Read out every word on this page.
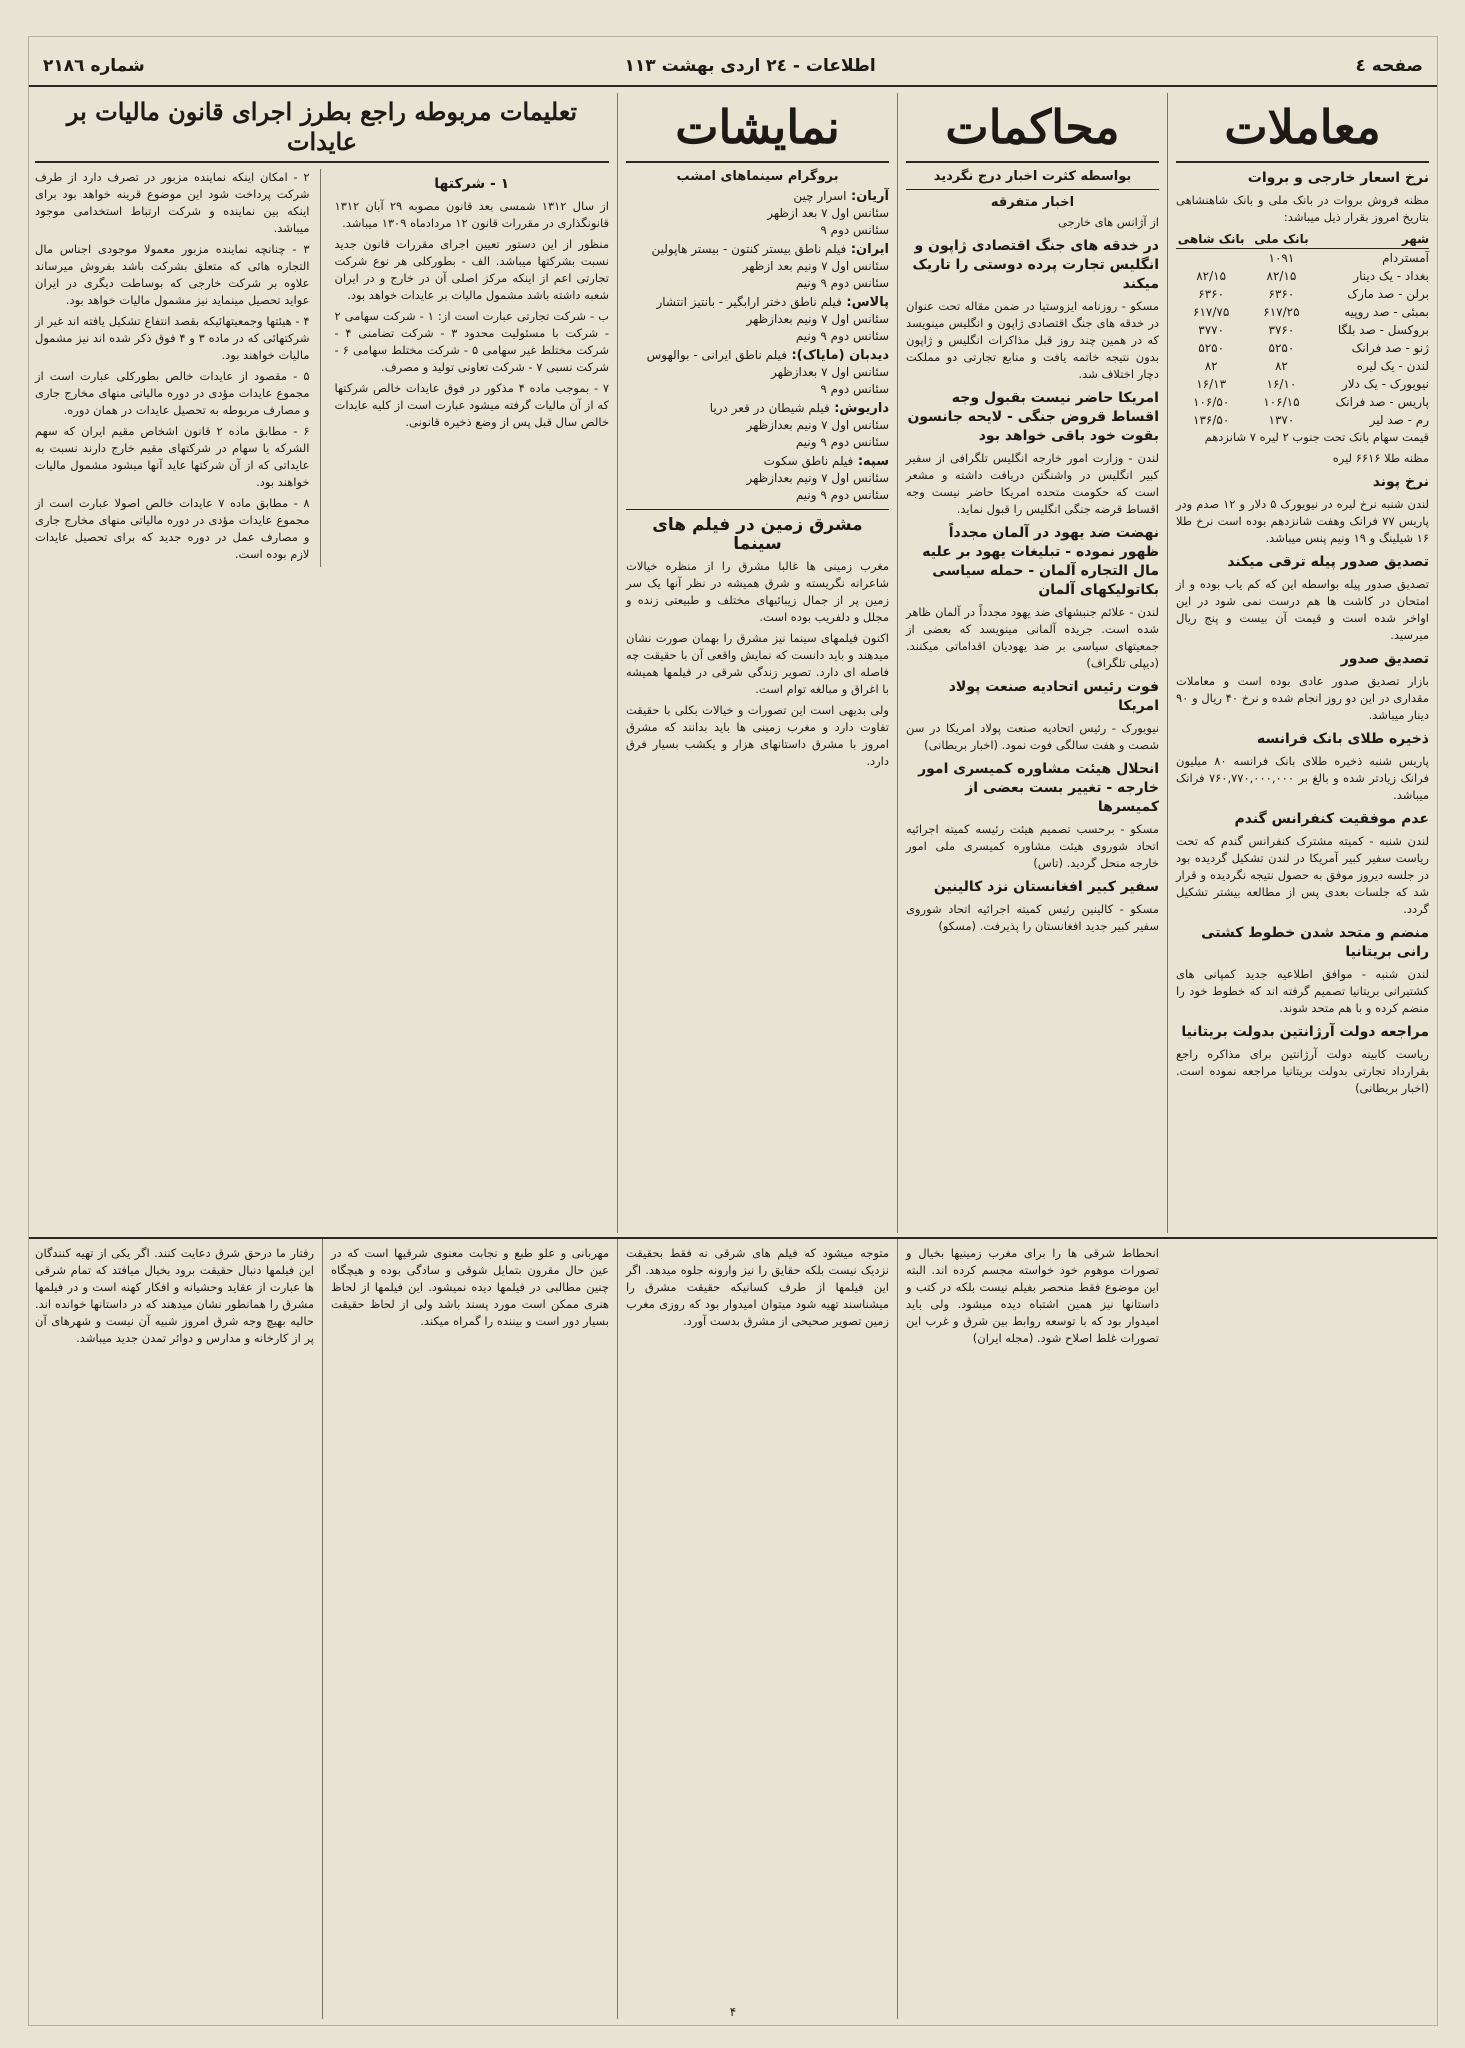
صفحه ٤
اطلاعات - ٢٤ اردی بهشت ١١٣
شماره ٢١٨٦
معاملات
نرخ اسعار خارجی و بروات

مظنه فروش بروات در بانک ملی و بانک شاهنشاهی بتاریخ امروز بقرار ذیل میباشد:

شهر
بانک ملی
بانک شاهی
آمستردام
۱۰۹۱
بغداد - یک دینار
۸۲/۱۵
۸۲/۱۵
برلن - صد مارک
۶۳۶۰
۶۳۶۰
بمبئی - صد روپیه
۶۱۷/۲۵
۶۱۷/۷۵
بروکسل - صد بلگا
۳۷۶۰
۳۷۷۰
ژنو - صد فرانک
۵۲۵۰
۵۲۵۰
لندن - یک لیره
۸۲
۸۲
نیویورک - یک دلار
۱۶/۱۰
۱۶/۱۳
پاریس - صد فرانک
۱۰۶/۱۵
۱۰۶/۵۰
رم - صد لیر
۱۳۷۰
۱۳۶/۵۰

قیمت سهام بانک تحت جنوب ۲ لیره ۷ شانزدهم

مظنه طلا ۶۶۱۶ لیره

نرخ پوند

لندن شنبه نرخ لیره در نیویورک ۵ دلار و ۱۲ صدم ودر پاریس ۷۷ فرانک وهفت شانزدهم بوده است نرخ طلا ۱۶ شیلینگ و ۱۹ ونیم پنس میباشد.

تصدیق صدور پیله ترقی میکند

تصدیق صدور پیله بواسطه این که کم یاب بوده و از امتحان در کاشت ها هم درست نمی شود در این اواخر شده است و قیمت آن بیست و پنج ریال میرسید.

تصدیق صدور

بازار تصدیق صدور عادی بوده است و معاملات مقداری در این دو روز انجام شده و نرخ ۴۰ ریال و ۹۰ دینار میباشد.

ذخیره طلای بانک فرانسه

پاریس شنبه ذخیره طلای بانک فرانسه ۸۰ میلیون فرانک زیادتر شده و بالغ بر ۷۶۰,۷۷۰,۰۰۰,۰۰۰ فرانک میباشد.

عدم موفقیت کنفرانس گندم

لندن شنبه - کمیته مشترک کنفرانس گندم که تحت ریاست سفیر کبیر آمریکا در لندن تشکیل گردیده بود در جلسه دیروز موفق به حصول نتیجه نگردیده و قرار شد که جلسات بعدی پس از مطالعه بیشتر تشکیل گردد.

منضم و متحد شدن خطوط کشتی رانی بریتانیا

لندن شنبه - موافق اطلاعیه جدید کمپانی های کشتیرانی بریتانیا تصمیم گرفته اند که خطوط خود را منضم کرده و با هم متحد شوند.

مراجعه دولت آرژانتین بدولت بریتانیا

ریاست کابینه دولت آرژانتین برای مذاکره راجع بقرارداد تجارتی بدولت بریتانیا مراجعه نموده است. (اخبار بریطانی)

محاکمات
بواسطه کثرت اخبار درج نگردید
اخبار متفرقه

از آژانس های خارجی

در خدقه های جنگ اقتصادی ژاپون و انگلیس تجارت پرده دوستی را تاریک میکند

مسکو - روزنامه ایزوستیا در ضمن مقاله تحت عنوان در خدقه های جنگ اقتصادی ژاپون و انگلیس مینویسد که در همین چند روز قبل مذاکرات انگلیس و ژاپون بدون نتیجه خاتمه یافت و منابع تجارتی دو مملکت دچار اختلاف شد.

امریکا حاضر نیست بقبول وجه اقساط قروض جنگی - لایحه جانسون بقوت خود باقی خواهد بود

لندن - وزارت امور خارجه انگلیس تلگرافی از سفیر کبیر انگلیس در واشنگتن دریافت داشته و مشعر است که حکومت متحده امریکا حاضر نیست وجه اقساط قرضه جنگی انگلیس را قبول نماید.

نهضت ضد یهود در آلمان مجدداً ظهور نموده - تبلیغات یهود بر علیه مال التجاره آلمان - حمله سیاسی بکاتولیکهای آلمان

لندن - علائم جنبشهای ضد یهود مجدداً در آلمان ظاهر شده است. جریده آلمانی مینویسد که بعضی از جمعیتهای سیاسی بر ضد یهودیان اقداماتی میکنند. (دیپلی تلگراف)

فوت رئیس اتحادیه صنعت پولاد امریکا

نیویورک - رئیس اتحادیه صنعت پولاد امریکا در سن شصت و هفت سالگی فوت نمود. (اخبار بریطانی)

انحلال هیئت مشاوره کمیسری امور خارجه - تغییر بست بعضی از کمیسرها

مسکو - برحسب تصمیم هیئت رئیسه کمیته اجرائیه اتحاد شوروی هیئت مشاوره کمیسری ملی امور خارجه منحل گردید. (تاس)

سفیر کبیر افغانستان نزد کالینین

مسکو - کالینین رئیس کمیته اجرائیه اتحاد شوروی سفیر کبیر جدید افغانستان را پذیرفت. (مسکو)

نمایشات
بروگرام سینماهای امشب
آریان: اسرار چین
سئانس اول ۷ بعد ازظهر
سئانس دوم ۹
ایران: فیلم ناطق بیستر کنتون - بیستر هاپولین
سئانس اول ۷ ونیم بعد ازظهر
سئانس دوم ۹ ونیم
پالاس: فیلم ناطق دختر ارابگیر - بانتیز انتشار
سئانس اول ۷ ونیم بعدازظهر
سئانس دوم ۹ ونیم
دیدبان (مایاک): فیلم ناطق ایرانی - بوالهوس
سئانس اول ۷ بعدازظهر
سئانس دوم ۹
داریوش: فیلم شیطان در قعر دریا
سئانس اول ۷ ونیم بعدازظهر
سئانس دوم ۹ ونیم
سپه: فیلم ناطق سکوت
سئانس اول ۷ ونیم بعدازظهر
سئانس دوم ۹ ونیم
مشرق زمین در فیلم های سینما

مغرب زمینی ها غالبا مشرق را از منظره خیالات شاعرانه نگریسته و شرق همیشه در نظر آنها یک سر زمین پر از جمال زیبائیهای مختلف و طبیعتی زنده و مجلل و دلفریب بوده است.

اکنون فیلمهای سینما نیز مشرق را بهمان صورت نشان میدهند و باید دانست که نمایش واقعی آن با حقیقت چه فاصله ای دارد. تصویر زندگی شرقی در فیلمها همیشه با اغراق و مبالغه توام است.

ولی بدیهی است این تصورات و خیالات بکلی با حقیقت تفاوت دارد و مغرب زمینی ها باید بدانند که مشرق امروز با مشرق داستانهای هزار و یکشب بسیار فرق دارد.

تعلیمات مربوطه راجع بطرز اجرای قانون مالیات بر عایدات
۱ - شرکتها

از سال ۱۳۱۲ شمسی بعد قانون مصوبه ۲۹ آبان ۱۳۱۲ قانونگذاری در مقررات قانون ۱۲ مردادماه ۱۳۰۹ میباشد.

منظور از این دستور تعیین اجرای مقررات قانون جدید نسبت بشرکتها میباشد. الف - بطورکلی هر نوع شرکت تجارتی اعم از اینکه مرکز اصلی آن در خارج و در ایران شعبه داشته باشد مشمول مالیات بر عایدات خواهد بود.

ب - شرکت تجارتی عبارت است از: ۱ - شرکت سهامی ۲ - شرکت با مسئولیت محدود ۳ - شرکت تضامنی ۴ - شرکت مختلط غیر سهامی ۵ - شرکت مختلط سهامی ۶ - شرکت نسبی ۷ - شرکت تعاونی تولید و مصرف.

۷ - بموجب ماده ۴ مذکور در فوق عایدات خالص شرکتها که از آن مالیات گرفته میشود عبارت است از کلیه عایدات خالص سال قبل پس از وضع ذخیره قانونی.

۲ - امکان اینکه نماینده مزبور در تصرف دارد از طرف شرکت پرداخت شود این موضوع قرینه خواهد بود برای اینکه بین نماینده و شرکت ارتباط استخدامی موجود میباشد.

۳ - چنانچه نماینده مزبور معمولا موجودی اجناس مال التجاره هائی که متعلق بشرکت باشد بفروش میرساند علاوه بر شرکت خارجی که بوساطت دیگری در ایران عواید تحصیل مینماید نیز مشمول مالیات خواهد بود.

۴ - هیئتها وجمعیتهائیکه بقصد انتفاع تشکیل یافته اند غیر از شرکتهائی که در ماده ۳ و ۴ فوق ذکر شده اند نیز مشمول مالیات خواهند بود.

۵ - مقصود از عایدات خالص بطورکلی عبارت است از مجموع عایدات مؤدی در دوره مالیاتی منهای مخارج جاری و مصارف مربوطه به تحصیل عایدات در همان دوره.

۶ - مطابق ماده ۲ قانون اشخاص مقیم ایران که سهم الشرکه یا سهام در شرکتهای مقیم خارج دارند نسبت به عایداتی که از آن شرکتها عاید آنها میشود مشمول مالیات خواهند بود.

۸ - مطابق ماده ۷ عایدات خالص اصولا عبارت است از مجموع عایدات مؤدی در دوره مالیاتی منهای مخارج جاری و مصارف عمل در دوره جدید که برای تحصیل عایدات لازم بوده است.

انحطاط شرقی ها را برای مغرب زمینیها بخیال و تصورات موهوم خود خواسته مجسم کرده اند. البته این موضوع فقط منحصر بفیلم نیست بلکه در کتب و داستانها نیز همین اشتباه دیده میشود. ولی باید امیدوار بود که با توسعه روابط بین شرق و غرب این تصورات غلط اصلاح شود. (مجله ایران)

متوجه میشود که فیلم های شرقی نه فقط بحقیقت نزدیک نیست بلکه حقایق را نیز وارونه جلوه میدهد. اگر این فیلمها از طرف کسانیکه حقیقت مشرق را میشناسند تهیه شود میتوان امیدوار بود که روزی مغرب زمین تصویر صحیحی از مشرق بدست آورد.

مهربانی و علو طبع و نجابت معنوی شرقیها است که در عین حال مقرون بتمایل شوقی و سادگی بوده و هیچگاه چنین مطالبی در فیلمها دیده نمیشود. این فیلمها از لحاظ هنری ممکن است مورد پسند باشد ولی از لحاظ حقیقت بسیار دور است و بیننده را گمراه میکند.

رفتار ما درحق شرق دعایت کنند. اگر یکی از تهیه کنندگان این فیلمها دنبال حقیقت برود بخیال میافتد که تمام شرقی ها عبارت از عقاید وحشیانه و افکار کهنه است و در فیلمها مشرق را همانطور نشان میدهند که در داستانها خوانده اند. حالیه بهیچ وجه شرق امروز شبیه آن نیست و شهرهای آن پر از کارخانه و مدارس و دوائر تمدن جدید میباشد.

۴
